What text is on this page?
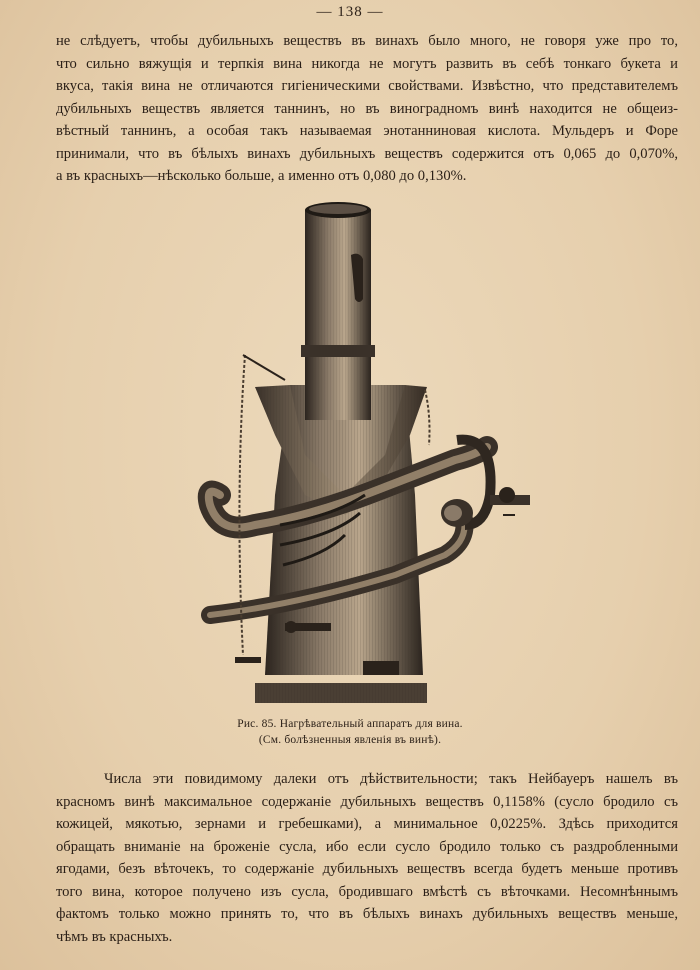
— 138 —
не слѣдуетъ, чтобы дубильныхъ веществъ въ винахъ было много, не говоря уже про то,
что сильно вяжущія и терпкія вина никогда не могутъ развить въ себѣ тонкаго букета и
вкуса, такія вина не отличаются гигіеническими свойствами. Извѣстно, что представителемъ
дубильныхъ веществъ является таннинъ, но въ виноградномъ винѣ находится не общеиз-
вѣстный таннинъ, а особая такъ называемая энотанниновая кислота. Мульдеръ и Форе
принимали, что въ бѣлыхъ винахъ дубильныхъ веществъ содержится отъ 0,065 до 0,070%,
а въ красныхъ—нѣсколько больше, а именно отъ 0,080 до 0,130%.
Рис. 85. Нагрѣвательный аппаратъ для вина.
(См. болѣзненныя явленія въ винѣ).
Числа эти повидимому далеки отъ дѣйствительности; такъ Нейбауеръ нашелъ въ
красномъ винѣ максимальное содержаніе дубильныхъ веществъ 0,1158% (сусло бродило съ
кожицей, мякотью, зернами и гребешками), а минимальное 0,0225%. Здѣсь приходится
обращать вниманіе на броженіе сусла, ибо если сусло бродило только съ раздробленными
ягодами, безъ вѣточекъ, то содержаніе дубильныхъ веществъ всегда будетъ меньше противъ
того вина, которое получено изъ сусла, бродившаго вмѣстѣ съ вѣточками. Несомнѣннымъ
фактомъ только можно принять то, что въ бѣлыхъ винахъ дубильныхъ веществъ меньше,
чѣмъ въ красныхъ.
